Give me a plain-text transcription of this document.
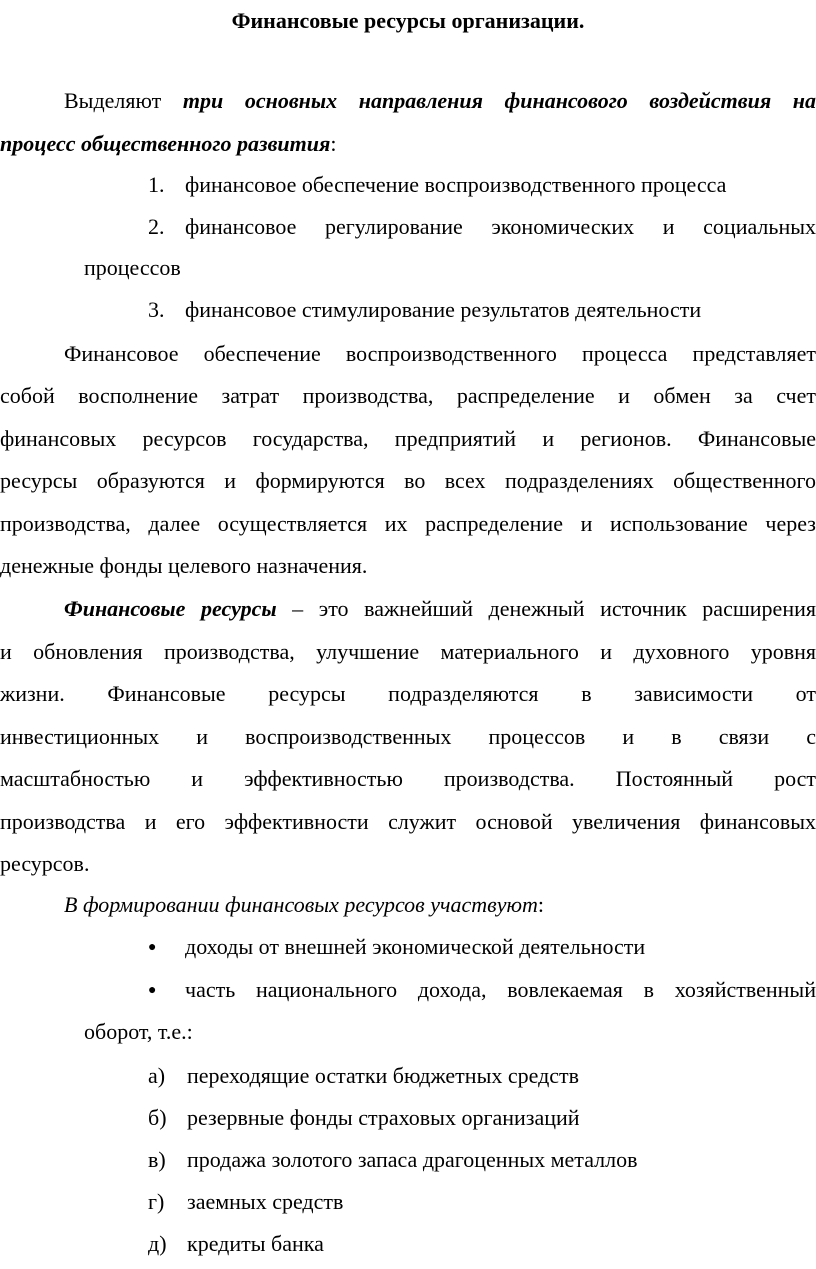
Финансовые ресурсы организации.
Выделяют три основных направления финансового воздействия на
процесс общественного развития:
1. финансовое обеспечение воспроизводственного процесса
2. финансовое регулирование экономических и социальных
процессов
3. финансовое стимулирование результатов деятельности
Финансовое обеспечение воспроизводственного процесса представляет
собой восполнение затрат производства, распределение и обмен за счет
финансовых ресурсов государства, предприятий и регионов. Финансовые
ресурсы образуются и формируются во всех подразделениях общественного
производства, далее осуществляется их распределение и использование через
денежные фонды целевого назначения.
Финансовые ресурсы – это важнейший денежный источник расширения
и обновления производства, улучшение материального и духовного уровня
жизни. Финансовые ресурсы подразделяются в зависимости от
инвестиционных и воспроизводственных процессов и в связи с
масштабностью и эффективностью производства. Постоянный рост
производства и его эффективности служит основой увеличения финансовых
ресурсов.
В формировании финансовых ресурсов участвуют:
● доходы от внешней экономической деятельности
● часть национального дохода, вовлекаемая в хозяйственный
оборот, т.е.:
а) переходящие остатки бюджетных средств
б) резервные фонды страховых организаций
в) продажа золотого запаса драгоценных металлов
г) заемных средств
д) кредиты банка
